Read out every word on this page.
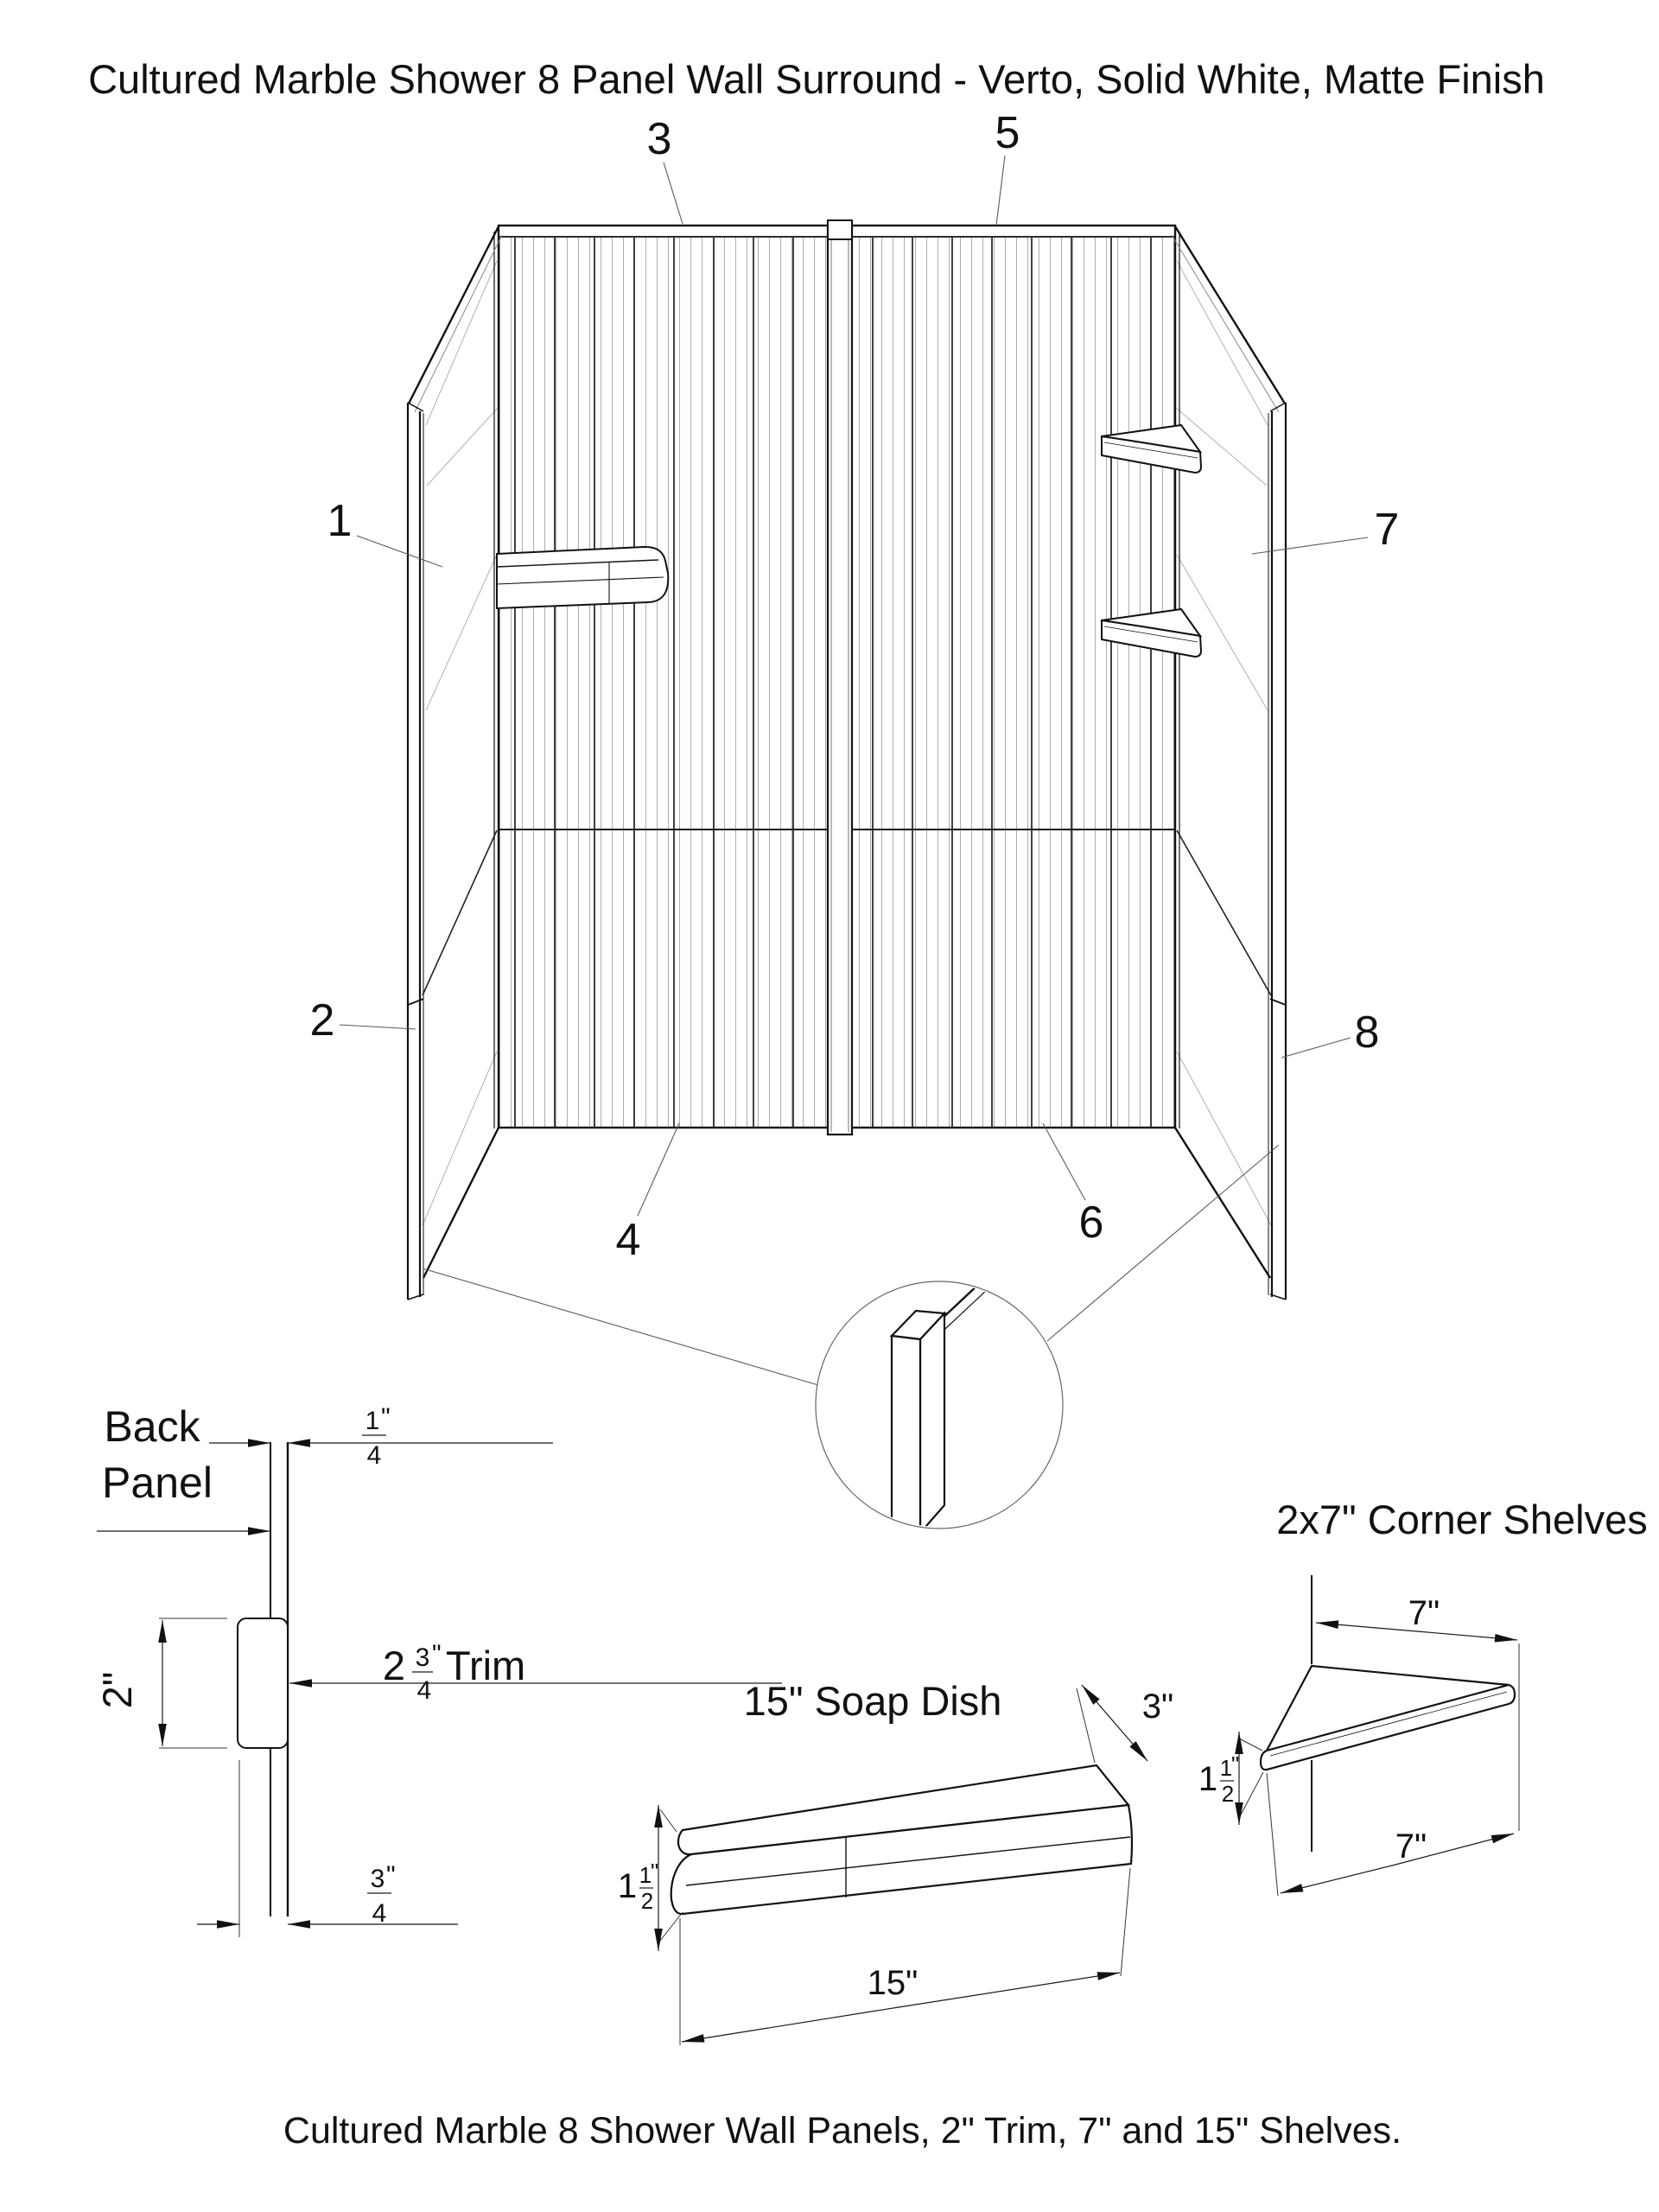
Cultured Marble Shower 8 Panel Wall Surround - Verto, Solid White, Matte Finish
1
2
3
4
5
6
7
8
Back
Panel
1 "
4
2"
2 3 "
4
Trim
3 "
4
15" Soap Dish	3"
1 1
"
2
15"
2x7" Corner Shelves
7"
1 1
"
2
7"
Cultured Marble 8 Shower Wall Panels, 2" Trim, 7" and 15" Shelves.
